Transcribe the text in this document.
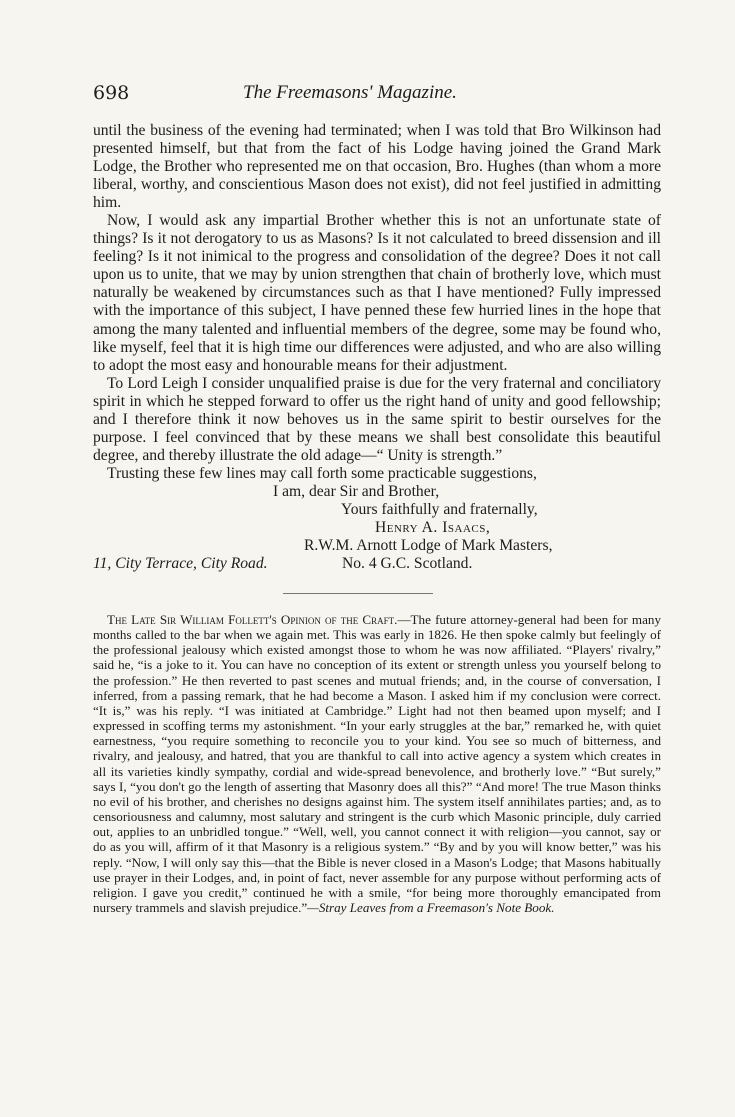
698	The Freemasons' Magazine.

until the business of the evening had terminated; when I was told that Bro Wilkinson had presented himself, but that from the fact of his Lodge having joined the Grand Mark Lodge, the Brother who represented me on that occasion, Bro. Hughes (than whom a more liberal, worthy, and conscientious Mason does not exist), did not feel justified in admitting him.

Now, I would ask any impartial Brother whether this is not an unfortunate state of things? Is it not derogatory to us as Masons? Is it not calculated to breed dissension and ill feeling? Is it not inimical to the progress and consolidation of the degree? Does it not call upon us to unite, that we may by union strengthen that chain of brotherly love, which must naturally be weakened by circumstances such as that I have mentioned? Fully impressed with the importance of this subject, I have penned these few hurried lines in the hope that among the many talented and influential members of the degree, some may be found who, like myself, feel that it is high time our differences were adjusted, and who are also willing to adopt the most easy and honourable means for their adjustment.

To Lord Leigh I consider unqualified praise is due for the very fraternal and conciliatory spirit in which he stepped forward to offer us the right hand of unity and good fellowship; and I therefore think it now behoves us in the same spirit to bestir ourselves for the purpose. I feel convinced that by these means we shall best consolidate this beautiful degree, and thereby illustrate the old adage—“ Unity is strength.”

Trusting these few lines may call forth some practicable suggestions,

I am, dear Sir and Brother,

Yours faithfully and fraternally,

Henry A. Isaacs,

11, City Terrace, City Road.
R.W.M. Arnott Lodge of Mark Masters,
No. 4 G.C. Scotland.

The Late Sir William Follett's Opinion of the Craft.—The future attorney-general had been for many months called to the bar when we again met. This was early in 1826. He then spoke calmly but feelingly of the professional jealousy which existed amongst those to whom he was now affiliated. “Players' rivalry,” said he, “is a joke to it. You can have no conception of its extent or strength unless you yourself belong to the profession.” He then reverted to past scenes and mutual friends; and, in the course of conversation, I inferred, from a passing remark, that he had become a Mason. I asked him if my conclusion were correct. “It is,” was his reply. “I was initiated at Cambridge.” Light had not then beamed upon myself; and I expressed in scoffing terms my astonishment. “In your early struggles at the bar,” remarked he, with quiet earnestness, “you require something to reconcile you to your kind. You see so much of bitterness, and rivalry, and jealousy, and hatred, that you are thankful to call into active agency a system which creates in all its varieties kindly sympathy, cordial and wide-spread benevolence, and brotherly love.” “But surely,” says I, “you don't go the length of asserting that Masonry does all this?” “And more! The true Mason thinks no evil of his brother, and cherishes no designs against him. The system itself annihilates parties; and, as to censoriousness and calumny, most salutary and stringent is the curb which Masonic principle, duly carried out, applies to an unbridled tongue.” “Well, well, you cannot connect it with religion—you cannot, say or do as you will, affirm of it that Masonry is a religious system.” “By and by you will know better,” was his reply. “Now, I will only say this—that the Bible is never closed in a Mason's Lodge; that Masons habitually use prayer in their Lodges, and, in point of fact, never assemble for any purpose without performing acts of religion. I gave you credit,” continued he with a smile, “for being more thoroughly emancipated from nursery trammels and slavish prejudice.”—Stray Leaves from a Freemason's Note Book.
